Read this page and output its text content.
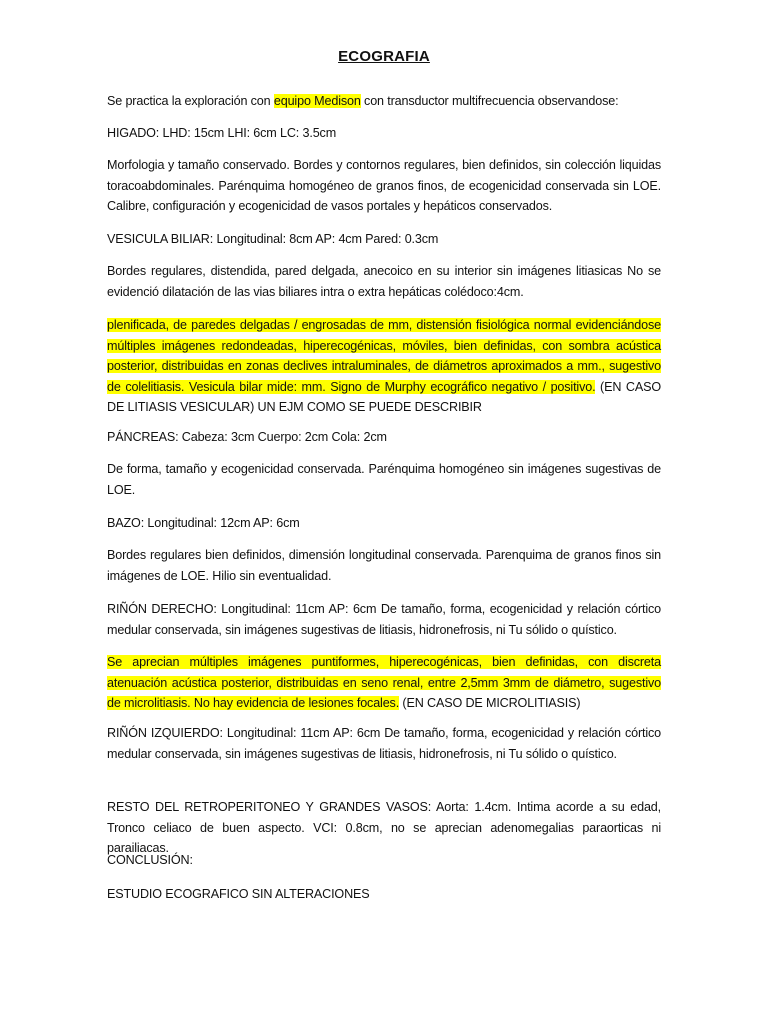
ECOGRAFIA
Se practica la exploración con equipo Medison con transductor multifrecuencia observandose:
HIGADO: LHD: 15cm LHI: 6cm LC: 3.5cm
Morfologia y tamaño conservado. Bordes y contornos regulares, bien definidos, sin colección liquidas toracoabdominales. Parénquima homogéneo de granos finos, de ecogenicidad conservada sin LOE. Calibre, configuración y ecogenicidad de vasos portales y hepáticos conservados.
VESICULA BILIAR: Longitudinal: 8cm AP: 4cm Pared: 0.3cm
Bordes regulares, distendida, pared delgada, anecoico en su interior sin imágenes litiasicas No se evidenció dilatación de las vias biliares intra o extra hepáticas colédoco:4cm.
plenificada, de paredes delgadas / engrosadas de mm, distensión fisiológica normal evidenciándose múltiples imágenes redondeadas, hiperecogénicas, móviles, bien definidas, con sombra acústica posterior, distribuidas en zonas declives intraluminales, de diámetros aproximados a mm., sugestivo de colelitiasis. Vesicula bilar mide: mm. Signo de Murphy ecográfico negativo / positivo. (EN CASO DE LITIASIS VESICULAR) UN EJM COMO SE PUEDE DESCRIBIR
PÁNCREAS: Cabeza: 3cm Cuerpo: 2cm Cola: 2cm
De forma, tamaño y ecogenicidad conservada. Parénquima homogéneo sin imágenes sugestivas de LOE.
BAZO: Longitudinal: 12cm AP: 6cm
Bordes regulares bien definidos, dimensión longitudinal conservada. Parenquima de granos finos sin imágenes de LOE. Hilio sin eventualidad.
RIÑÓN DERECHO: Longitudinal: 11cm AP: 6cm De tamaño, forma, ecogenicidad y relación córtico medular conservada, sin imágenes sugestivas de litiasis, hidronefrosis, ni Tu sólido o quístico.
Se aprecian múltiples imágenes puntiformes, hiperecogénicas, bien definidas, con discreta atenuación acústica posterior, distribuidas en seno renal, entre 2,5mm 3mm de diámetro, sugestivo de microlitiasis. No hay evidencia de lesiones focales. (EN CASO DE MICROLITIASIS)
RIÑÓN IZQUIERDO: Longitudinal: 11cm AP: 6cm De tamaño, forma, ecogenicidad y relación córtico medular conservada, sin imágenes sugestivas de litiasis, hidronefrosis, ni Tu sólido o quístico.
RESTO DEL RETROPERITONEO Y GRANDES VASOS: Aorta: 1.4cm. Intima acorde a su edad, Tronco celiaco de buen aspecto. VCI: 0.8cm, no se aprecian adenomegalias paraorticas ni parailiacas.
CONCLUSIÓN:
ESTUDIO ECOGRAFICO SIN ALTERACIONES
